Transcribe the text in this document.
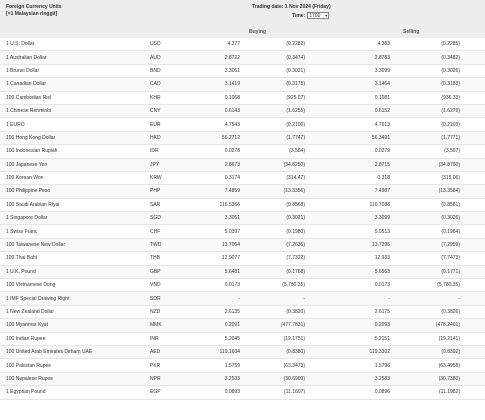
Foreign Currency Units
[=1 Malaysian ringgit]
Trading date: 1 Nov 2024 (Friday)
Time: 1700 ▾
Buying	Selling
1 U.S. Dollar	USD	4.377	(0.2282)	4.383	(0.2285)
1 Australian Dollar	AUD	2.8722	(0.3474)	2.8783	(0.3482)
1 Brunei Dollar	BND	3.3051	(0.3021)	3.3099	(0.3026)
1 Canadian Dollar	CAD	3.1419	(0.3178)	3.1464	(0.3183)
100 Cambodian Riel	KHR	0.1068	(925.07)	0.1081	(936.33)
1 Chinese Renminbi	CNY	0.6143	(1.6255)	0.6152	(1.6279)
1 EURO	EUR	4.7543	(0.2100)	4.7613	(0.2103)
100 Hong Kong Dollar	HKD	56.2712	(1.7747)	56.3491	(1.7771)
100 Indonesian Rupiah	IDR	0.0278	(3,584)	0.0279	(3,597)
100 Japanese Yen	JPY	2.8673	(34.8250)	2.8715	(34.8760)
100 Korean Won	KRW	0.3174	(314.47)	0.318	(315.06)
100 Philippine Peso	PHP	7.4859	(13.3356)	7.4987	(13.3584)
100 Saudi Arabian Riyal	SAR	116.5366	(0.8568)	116.7088	(0.8581)
1 Singapore Dollar	SGD	3.3051	(0.3021)	3.3099	(0.3026)
1 Swiss Franc	CHF	5.0397	(0.1980)	5.0513	(0.1984)
100 Taiwanese New Dollar	TWD	13.7064	(7.2636)	13.7295	(7.2959)
100 Thai Baht	THB	12.9077	(7.7322)	12.933	(7.7473)
1 U.K. Pound	GBP	5.6481	(0.1768)	5.6563	(0.1771)
100 Vietnamese Dong	VND	0.0173	(5,780.35)	0.0173	(5,780.35)
1 IMF Special Drawing Right	SDR	-	-	-	-
1 New Zealand Dollar	NZD	2.6135	(0.3820)	2.6175	(0.3826)
100 Myanmar Kyat	MMK	0.2091	(477.7831)	0.2093	(478.2401)
100 Indian Rupee	INR	5.2045	(19.1751)	5.2151	(19.2141)
100 United Arab Emirates Dirham UAE	AED	119.1604	(0.8380)	119.3302	(0.8392)
100 Pakistan Rupee	PKR	1.5759	(63.3473)	1.5796	(63.4958)
100 Nepalese Rupee	NPR	3.2533	(30.6909)	3.2583	(30.7380)
1 Egyptian Pound	EGP	0.0893	(11.1607)	0.0896	(11.1982)
